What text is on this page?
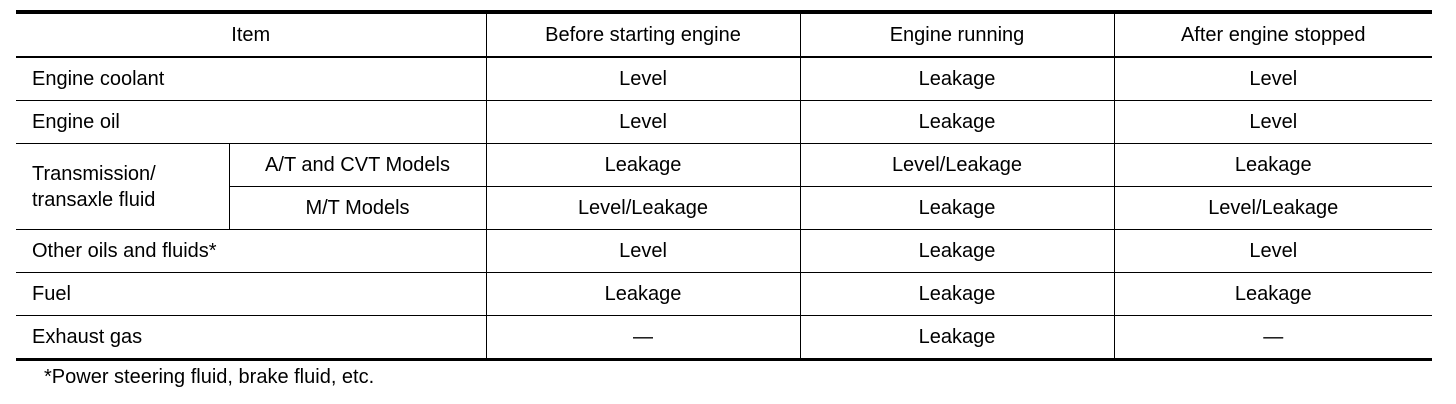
Item		Before starting engine	Engine running	After engine stopped
Engine coolant		Level	Leakage	Level
Engine oil		Level	Leakage	Level
Transmission/
transaxle fluid	A/T and CVT Models	Leakage	Level/Leakage	Leakage
	M/T Models	Level/Leakage	Leakage	Level/Leakage
Other oils and fluids*		Level	Leakage	Level
Fuel		Leakage	Leakage	Leakage
Exhaust gas		—	Leakage	—
*Power steering fluid, brake fluid, etc.
